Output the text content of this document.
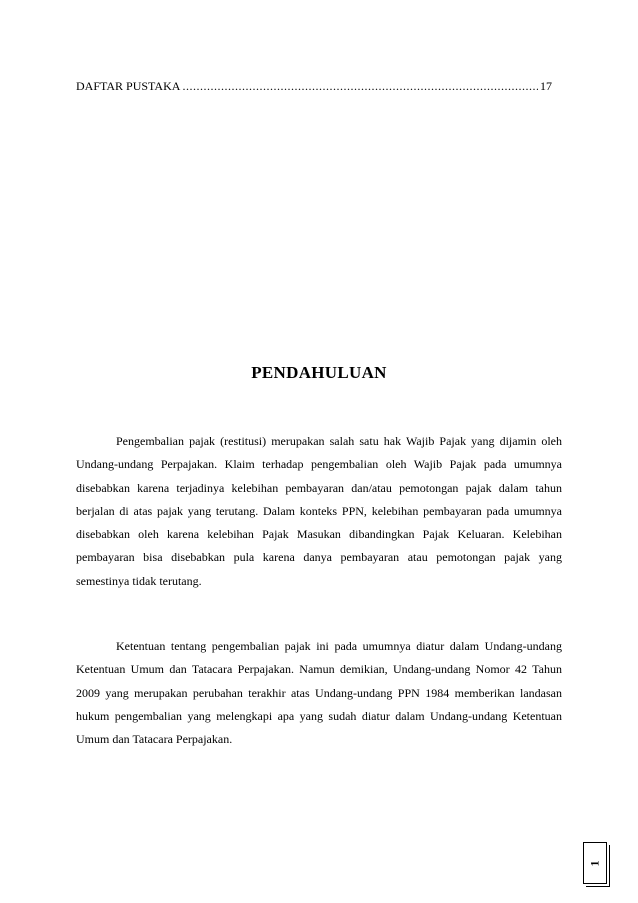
DAFTAR PUSTAKA
.....	17
PENDAHULUAN

Pengembalian pajak (restitusi) merupakan salah satu hak Wajib Pajak yang dijamin oleh Undang-undang Perpajakan. Klaim terhadap pengembalian oleh Wajib Pajak pada umumnya disebabkan karena terjadinya kelebihan pembayaran dan/atau pemotongan pajak dalam tahun berjalan di atas pajak yang terutang. Dalam konteks PPN, kelebihan pembayaran pada umumnya disebabkan oleh karena kelebihan Pajak Masukan dibandingkan Pajak Keluaran. Kelebihan pembayaran bisa disebabkan pula karena danya pembayaran atau pemotongan pajak yang semestinya tidak terutang.

Ketentuan tentang pengembalian pajak ini pada umumnya diatur dalam Undang-undang Ketentuan Umum dan Tatacara Perpajakan. Namun demikian, Undang-undang Nomor 42 Tahun 2009 yang merupakan perubahan terakhir atas Undang-undang PPN 1984 memberikan landasan hukum pengembalian yang melengkapi apa yang sudah diatur dalam Undang-undang Ketentuan Umum dan Tatacara Perpajakan.

1
